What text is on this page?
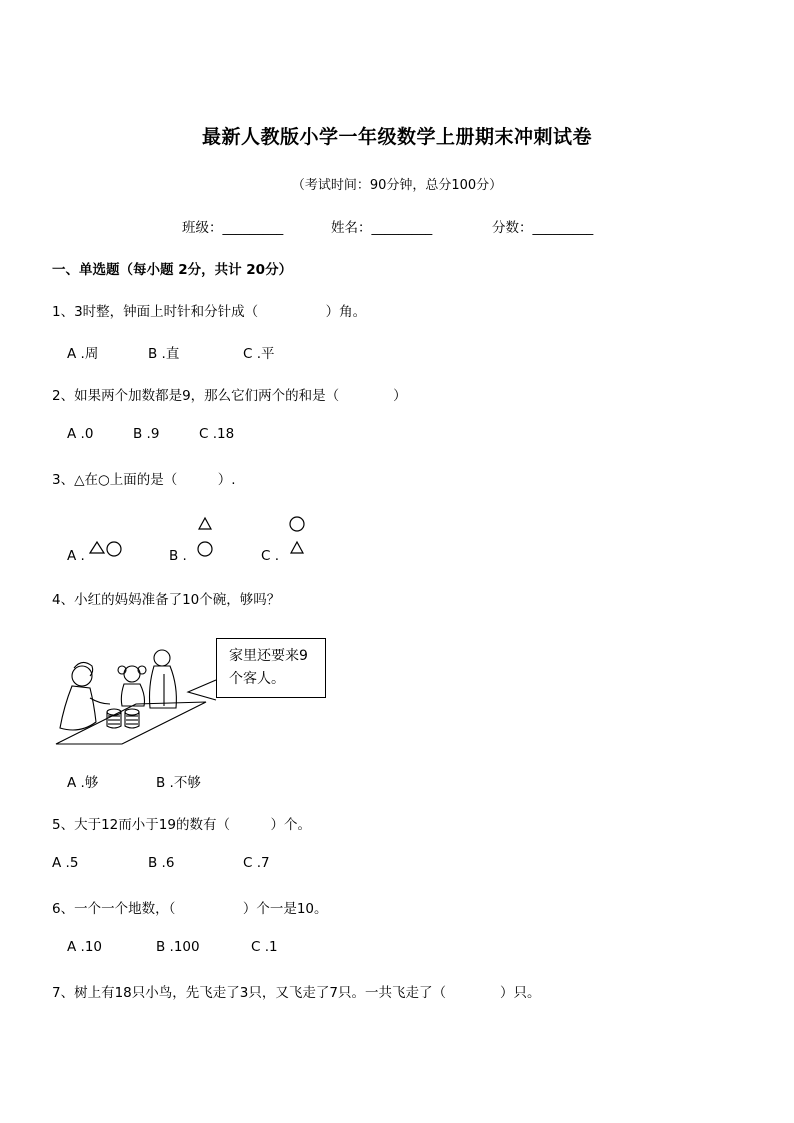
最新人教版小学一年级数学上册期末冲刺试卷
（考试时间：90分钟，总分100分）
班级：_________	姓名：_________	分数：_________
一、单选题（每小题 2分，共计 20分）
1、3时整，钟面上时针和分针成（　　　　　）角。
A .周	B .直	C .平
2、如果两个加数都是9，那么它们两个的和是（　　　　）
A .0	B .9	C .18
3、△在○上面的是（　　　）.
A .	B .	C .
4、小红的妈妈准备了10个碗，够吗？
家里还要来9
个客人。
A .够	B .不够
5、大于12而小于19的数有（　　　）个。
A .5	B .6	C .7
6、一个一个地数，（　　　　　）个一是10。
A .10	B .100	C .1
7、树上有18只小鸟，先飞走了3只，又飞走了7只。一共飞走了（　　　　）只。
